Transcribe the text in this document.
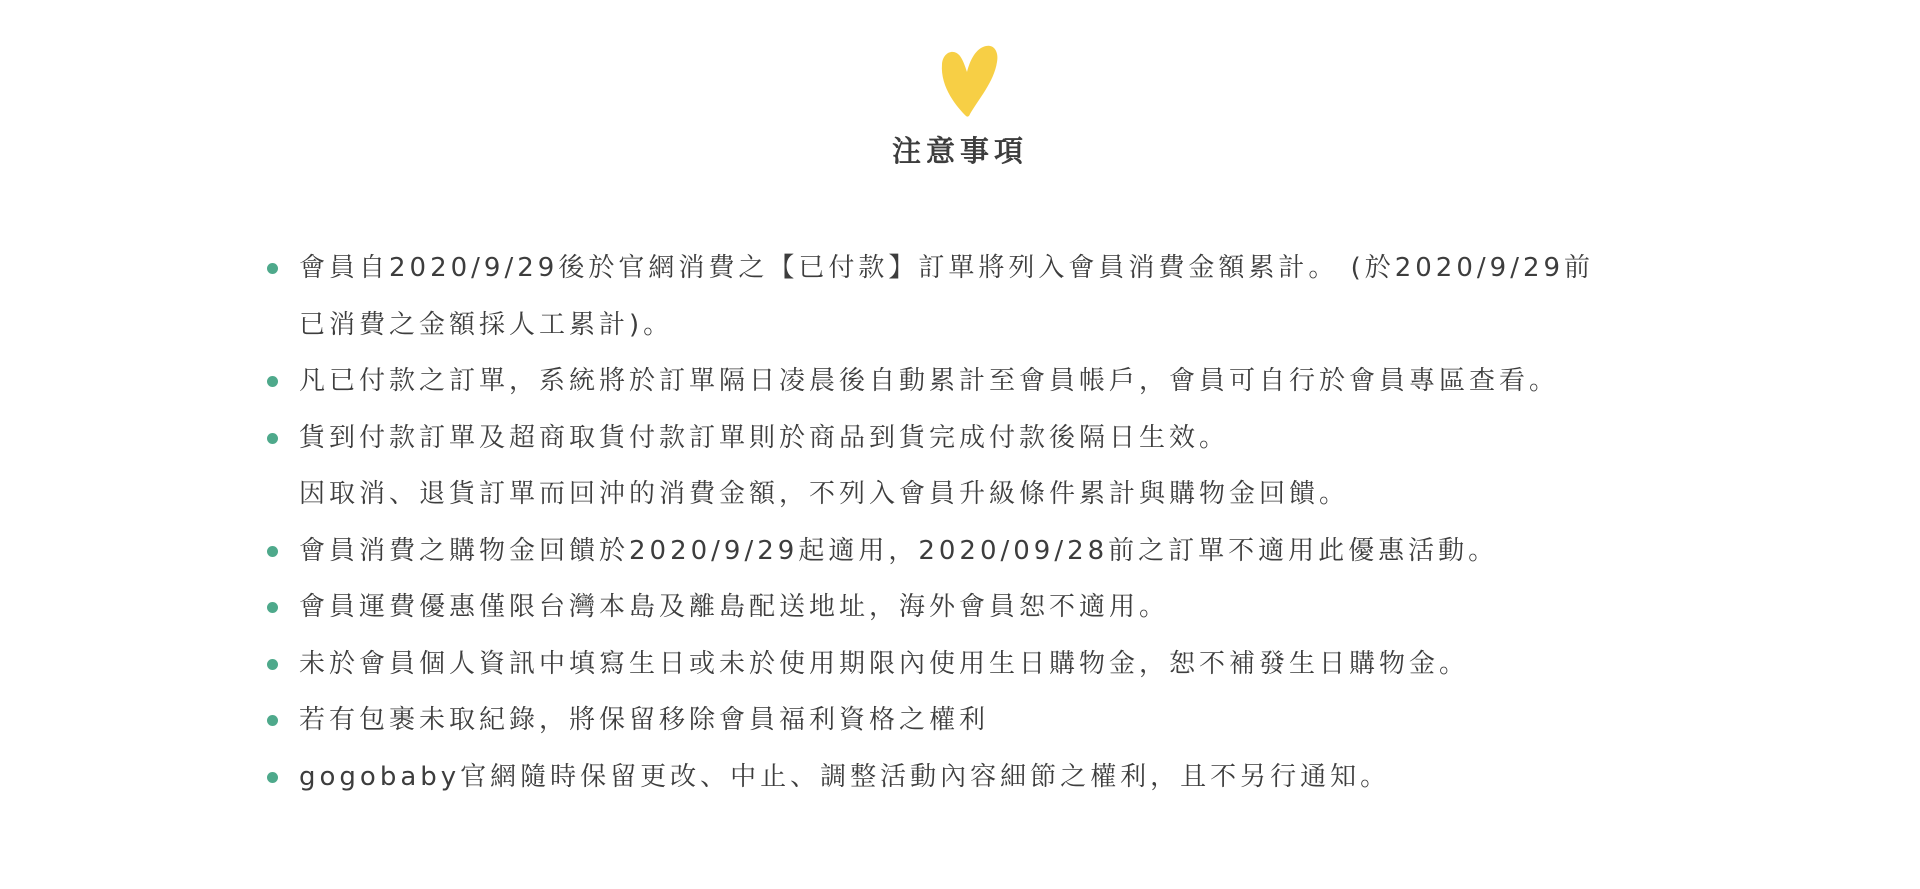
注意事項
會員自2020/9/29後於官網消費之【已付款】訂單將列入會員消費金額累計。 (於2020/9/29前
已消費之金額採人工累計)。
凡已付款之訂單，系統將於訂單隔日凌晨後自動累計至會員帳戶，會員可自行於會員專區查看。
貨到付款訂單及超商取貨付款訂單則於商品到貨完成付款後隔日生效。
因取消、退貨訂單而回沖的消費金額，不列入會員升級條件累計與購物金回饋。
會員消費之購物金回饋於2020/9/29起適用，2020/09/28前之訂單不適用此優惠活動。
會員運費優惠僅限台灣本島及離島配送地址，海外會員恕不適用。
未於會員個人資訊中填寫生日或未於使用期限內使用生日購物金，恕不補發生日購物金。
若有包裹未取紀錄，將保留移除會員福利資格之權利
gogobaby官網隨時保留更改、中止、調整活動內容細節之權利，且不另行通知。
